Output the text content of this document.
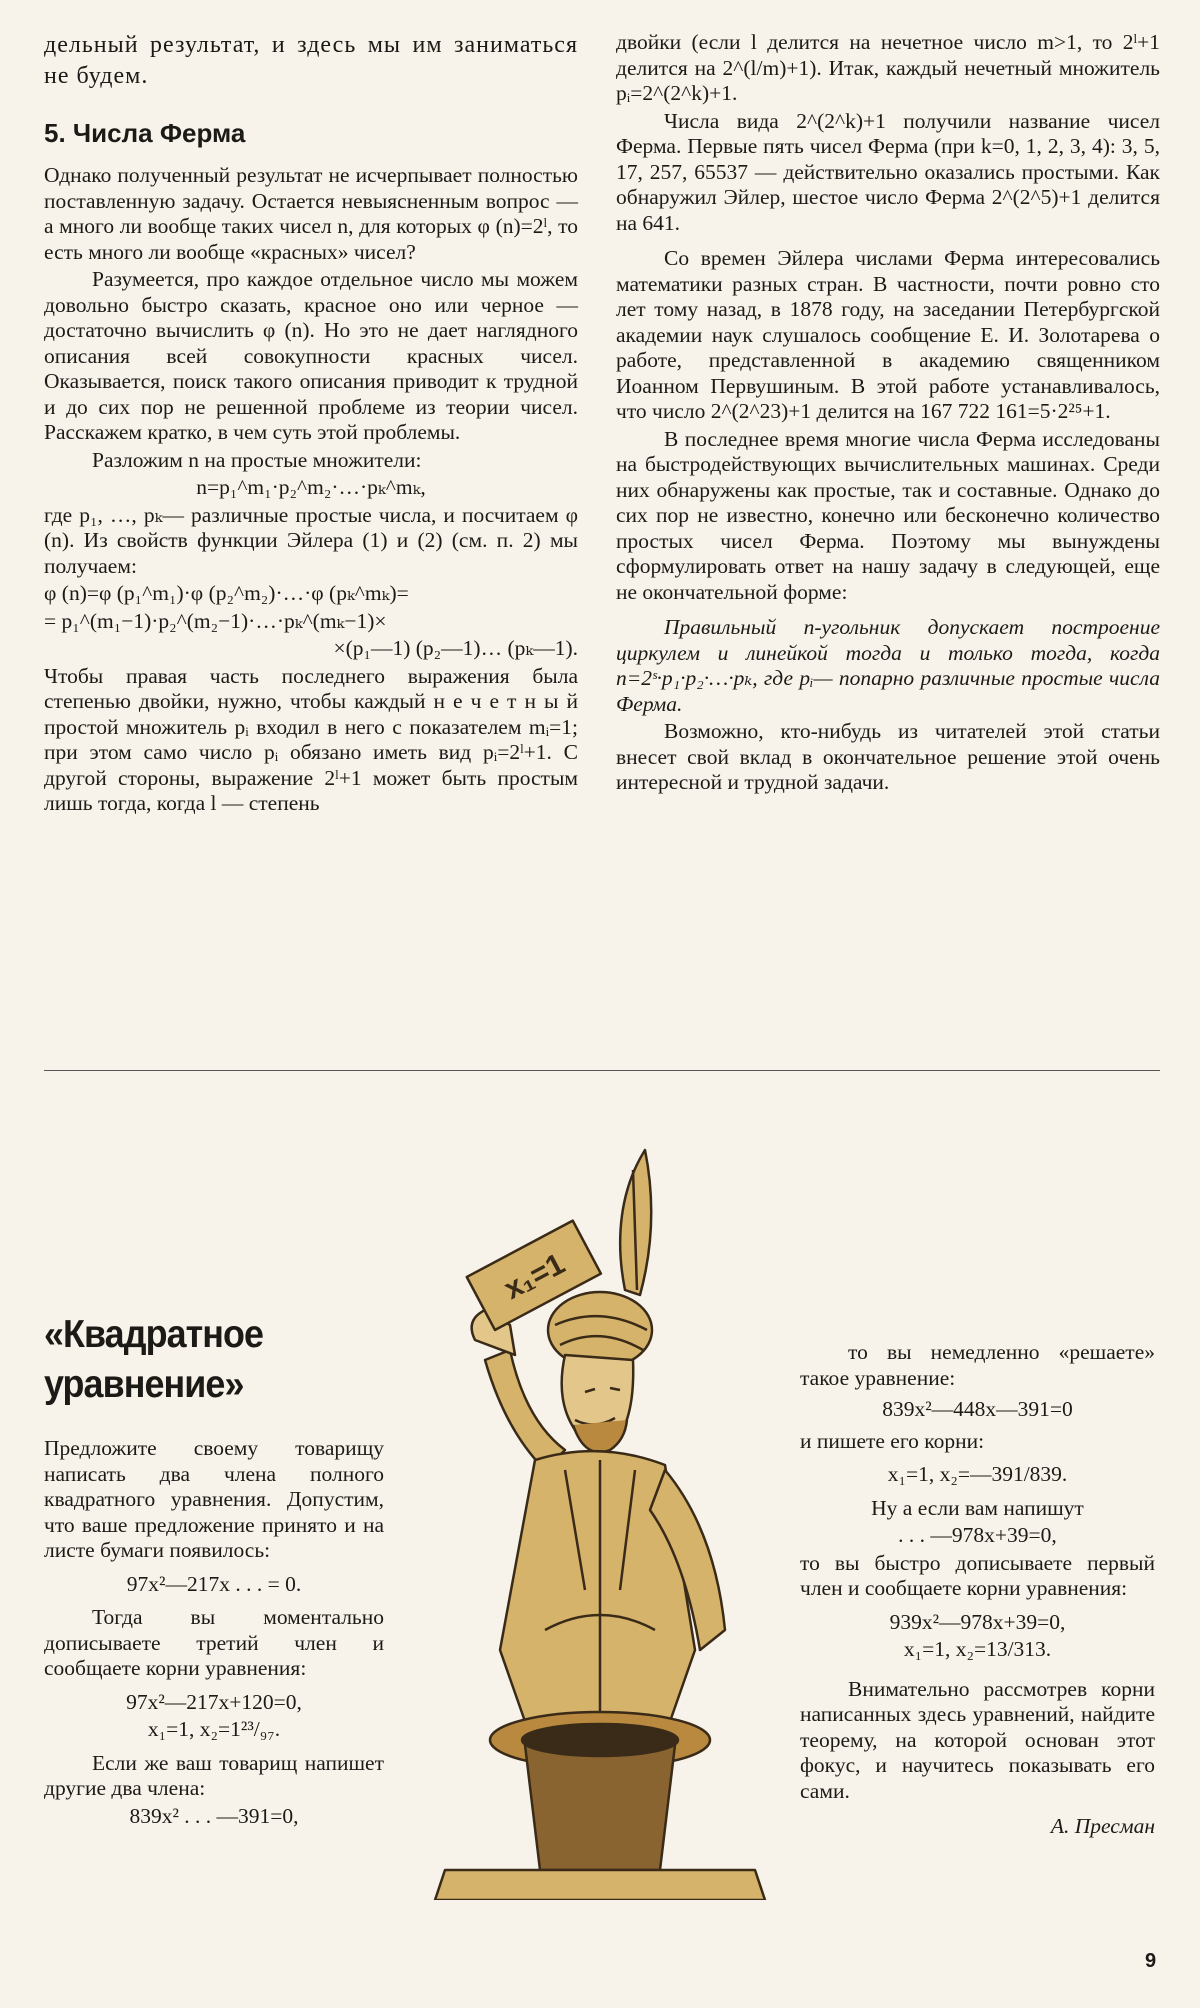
дельный результат, и здесь мы им заниматься не будем.

5. Числа Ферма

Однако полученный результат не исчерпывает полностью поставленную задачу. Остается невыясненным вопрос — а много ли вообще таких чисел n, для которых φ (n)=2ˡ, то есть много ли вообще «красных» чисел?

Разумеется, про каждое отдельное число мы можем довольно быстро сказать, красное оно или черное — достаточно вычислить φ (n). Но это не дает наглядного описания всей совокупности красных чисел. Оказывается, поиск такого описания приводит к трудной и до сих пор не решенной проблеме из теории чисел. Расскажем кратко, в чем суть этой проблемы.

Разложим n на простые множители:

n=p₁^m₁·p₂^m₂·…·pₖ^mₖ,

где p₁, …, pₖ— различные простые числа, и посчитаем φ (n). Из свойств функции Эйлера (1) и (2) (см. п. 2) мы получаем:

φ (n)=φ (p₁^m₁)·φ (p₂^m₂)·…·φ (pₖ^mₖ)=

= p₁^(m₁−1)·p₂^(m₂−1)·…·pₖ^(mₖ−1)×

×(p₁—1) (p₂—1)… (pₖ—1).

Чтобы правая часть последнего выражения была степенью двойки, нужно, чтобы каждый н е ч е т н ы й простой множитель pᵢ входил в него с показателем mᵢ=1; при этом само число pᵢ обязано иметь вид pᵢ=2ˡ+1. С другой стороны, выражение 2ˡ+1 может быть простым лишь тогда, когда l — степень

двойки (если l делится на нечетное число m>1, то 2ˡ+1 делится на 2^(l/m)+1). Итак, каждый нечетный множитель pᵢ=2^(2^k)+1.

Числа вида 2^(2^k)+1 получили название чисел Ферма. Первые пять чисел Ферма (при k=0, 1, 2, 3, 4): 3, 5, 17, 257, 65537 — действительно оказались простыми. Как обнаружил Эйлер, шестое число Ферма 2^(2^5)+1 делится на 641.

Со времен Эйлера числами Ферма интересовались математики разных стран. В частности, почти ровно сто лет тому назад, в 1878 году, на заседании Петербургской академии наук слушалось сообщение Е. И. Золотарева о работе, представленной в академию священником Иоанном Первушиным. В этой работе устанавливалось, что число 2^(2^23)+1 делится на 167 722 161=5·2²⁵+1.

В последнее время многие числа Ферма исследованы на быстродействующих вычислительных машинах. Среди них обнаружены как простые, так и составные. Однако до сих пор не известно, конечно или бесконечно количество простых чисел Ферма. Поэтому мы вынуждены сформулировать ответ на нашу задачу в следующей, еще не окончательной форме:

Правильный n-угольник допускает построение циркулем и линейкой тогда и только тогда, когда n=2ˢ·p₁·p₂·…·pₖ, где pᵢ— попарно различные простые числа Ферма.

Возможно, кто-нибудь из читателей этой статьи внесет свой вклад в окончательное решение этой очень интересной и трудной задачи.

«Квадратное
уравнение»

Предложите своему товарищу написать два члена полного квадратного уравнения. Допустим, что ваше предложение принято и на листе бумаги появилось:

97x²—217x . . . = 0.

Тогда вы моментально дописываете третий член и сообщаете корни уравнения:

97x²—217x+120=0,

x₁=1, x₂=1²³/₉₇.

Если же ваш товарищ напишет другие два члена:

839x² . . . —391=0,

x₁=1

то вы немедленно «решаете» такое уравнение:

839x²—448x—391=0

и пишете его корни:

x₁=1, x₂=—391/839.

Ну а если вам напишут

. . . —978x+39=0,

то вы быстро дописываете первый член и сообщаете корни уравнения:

939x²—978x+39=0,

x₁=1, x₂=13/313.

Внимательно рассмотрев корни написанных здесь уравнений, найдите теорему, на которой основан этот фокус, и научитесь показывать его сами.

А. Пресман
9
